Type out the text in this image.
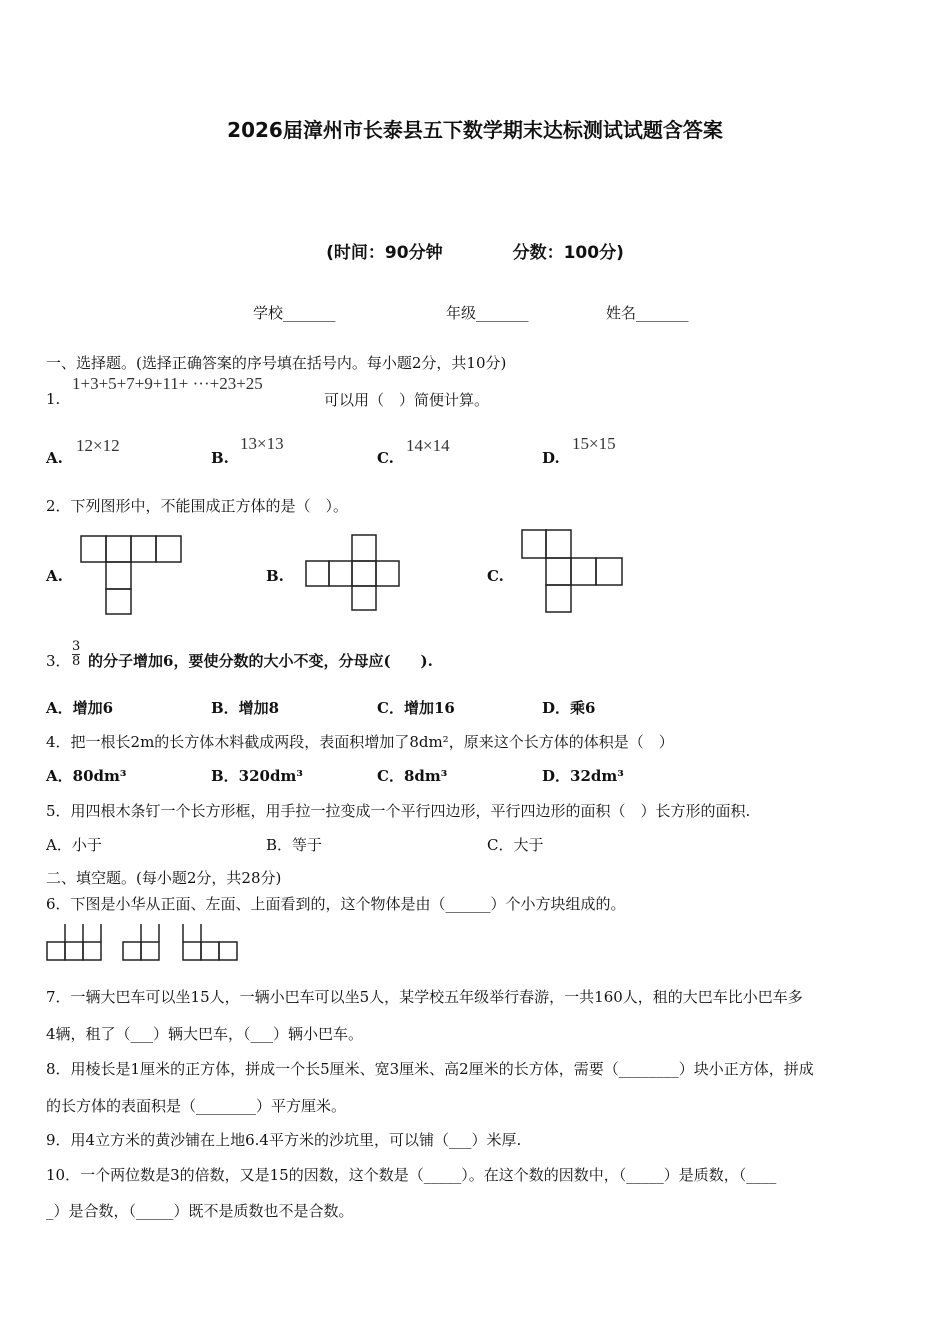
2026届漳州市长泰县五下数学期末达标测试试题含答案
(时间：90分钟	分数：100分)
学校_______	年级_______	姓名_______
一、选择题。(选择正确答案的序号填在括号内。每小题2分，共10分)
1.
1+3+5+7+9+11+ ···+23+25
可以用（　）简便计算。
A.
12×12
B.
13×13
C.
14×14
D.
15×15
2．下列图形中，不能围成正方体的是（　）。
A.	B.	C.
3． $\frac{3}{8}$ 的分子增加6，要使分数的大小不变，分母应(　　).
A．增加6	B．增加8	C．增加16	D．乘6
4．把一根长2m的长方体木料截成两段，表面积增加了8dm²，原来这个长方体的体积是（　）
A．80dm³	B．320dm³	C．8dm³	D．32dm³
5．用四根木条钉一个长方形框，用手拉一拉变成一个平行四边形，平行四边形的面积（　）长方形的面积.
A．小于	B．等于	C．大于
二、填空题。(每小题2分，共28分)
6．下图是小华从正面、左面、上面看到的，这个物体是由（______）个小方块组成的。
7．一辆大巴车可以坐15人，一辆小巴车可以坐5人，某学校五年级举行春游，一共160人，租的大巴车比小巴车多
4辆，租了（___）辆大巴车，（___）辆小巴车。
8．用棱长是1厘米的正方体，拼成一个长5厘米、宽3厘米、高2厘米的长方体，需要（________）块小正方体，拼成
的长方体的表面积是（________）平方厘米。
9．用4立方米的黄沙铺在上地6.4平方米的沙坑里，可以铺（___）米厚.
10．一个两位数是3的倍数，又是15的因数，这个数是（_____）。在这个数的因数中，（_____）是质数，（____
_）是合数，（_____）既不是质数也不是合数。
